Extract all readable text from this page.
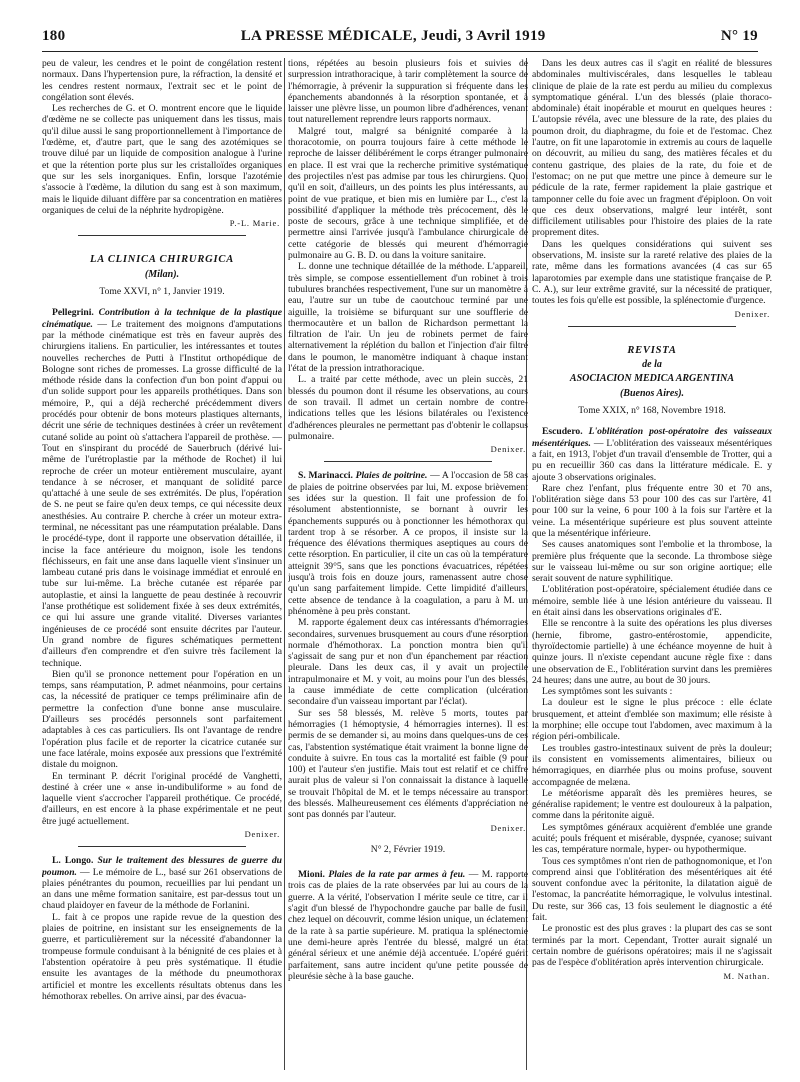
180	LA PRESSE MÉDICALE, Jeudi, 3 Avril 1919	N° 19

peu de valeur, les cendres et le point de congélation restent normaux. Dans l'hypertension pure, la réfraction, la densité et les cendres restent normaux, l'extrait sec et le point de congélation sont élevés.

Les recherches de G. et O. montrent encore que le liquide d'œdème ne se collecte pas uniquement dans les tissus, mais qu'il dilue aussi le sang proportionnellement à l'importance de l'œdème, et, d'autre part, que le sang des azotémiques se trouve dilué par un liquide de composition analogue à l'urine et que la rétention porte plus sur les cristalloïdes organiques que sur les sels inorganiques. Enfin, lorsque l'azotémie s'associe à l'œdème, la dilution du sang est à son maximum, mais le liquide diluant diffère par sa concentration en matières organiques de celui de la néphrite hydropigène.

P.-L. Marie.
LA CLINICA CHIRURGICA
(Milan).
Tome XXVI, n° 1, Janvier 1919.

Pellegrini. Contribution à la technique de la plastique cinématique. — Le traitement des moignons d'amputations par la méthode cinématique est très en faveur auprès des chirurgiens italiens. En particulier, les intéressantes et toutes nouvelles recherches de Putti à l'Institut orthopédique de Bologne sont riches de promesses. La grosse difficulté de la méthode réside dans la confection d'un bon point d'appui ou d'un solide support pour les appareils prothétiques. Dans son mémoire, P., qui a déjà recherché précédemment divers procédés pour obtenir de bons moteurs plastiques alternants, décrit une série de techniques destinées à créer un revêtement cutané solide au point où s'attachera l'appareil de prothèse. — Tout en s'inspirant du procédé de Sauerbruch (dérivé lui-même de l'urétroplastie par la méthode de Rochet) il lui reproche de créer un moteur entièrement musculaire, ayant tendance à se nécroser, et manquant de solidité parce qu'attaché à une seule de ses extrémités. De plus, l'opération de S. ne peut se faire qu'en deux temps, ce qui nécessite deux anesthésies. Au contraire P. cherche à créer un moteur extra-terminal, ne nécessitant pas une réamputation préalable. Dans le procédé-type, dont il rapporte une observation détaillée, il incise la face antérieure du moignon, isole les tendons fléchisseurs, en fait une anse dans laquelle vient s'insinuer un lambeau cutané pris dans le voisinage immédiat et enroulé en tube sur lui-même. La brèche cutanée est réparée par autoplastie, et ainsi la languette de peau destinée à recouvrir l'anse prothétique est solidement fixée à ses deux extrémités, ce qui lui assure une grande vitalité. Diverses variantes ingénieuses de ce procédé sont ensuite décrites par l'auteur. Un grand nombre de figures schématiques permettent d'ailleurs d'en comprendre et d'en suivre très facilement la technique.

Bien qu'il se prononce nettement pour l'opération en un temps, sans réamputation, P. admet néanmoins, pour certains cas, la nécessité de pratiquer ce temps préliminaire afin de permettre la confection d'une bonne anse musculaire. D'ailleurs ses procédés personnels sont parfaitement adaptables à ces cas particuliers. Ils ont l'avantage de rendre l'opération plus facile et de reporter la cicatrice cutanée sur une face latérale, moins exposée aux pressions que l'extrémité distale du moignon.

En terminant P. décrit l'original procédé de Vanghetti, destiné à créer une « anse in-undibuliforme » au fond de laquelle vient s'accrocher l'appareil prothétique. Ce procédé, d'ailleurs, en est encore à la phase expérimentale et ne peut être jugé actuellement.

Denixer.

L. Longo. Sur le traitement des blessures de guerre du poumon. — Le mémoire de L., basé sur 261 observations de plaies pénétrantes du poumon, recueillies par lui pendant un an dans une même formation sanitaire, est par-dessus tout un chaud plaidoyer en faveur de la méthode de Forlanini.

L. fait à ce propos une rapide revue de la question des plaies de poitrine, en insistant sur les enseignements de la guerre, et particulièrement sur la nécessité d'abandonner la trompeuse formule conduisant à la bénignité de ces plaies et à l'abstention opératoire à peu près systématique. Il étudie ensuite les avantages de la méthode du pneumothorax artificiel et montre les excellents résultats obtenus dans les hémothorax rebelles. On arrive ainsi, par des évacua-

tions, répétées au besoin plusieurs fois et suivies de surpression intrathoracique, à tarir complètement la source de l'hémorragie, à prévenir la suppuration si fréquente dans les épanchements abandonnés à la résorption spontanée, et à laisser une plèvre lisse, un poumon libre d'adhérences, venant tout naturellement reprendre leurs rapports normaux.

Malgré tout, malgré sa bénignité comparée à la thoracotomie, on pourra toujours faire à cette méthode le reproche de laisser délibérément le corps étranger pulmonaire en place. Il est vrai que la recherche primitive systématique des projectiles n'est pas admise par tous les chirurgiens. Quoi qu'il en soit, d'ailleurs, un des points les plus intéressants, au point de vue pratique, et bien mis en lumière par L., c'est la possibilité d'appliquer la méthode très précocement, dès le poste de secours, grâce à une technique simplifiée, et de permettre ainsi l'arrivée jusqu'à l'ambulance chirurgicale de cette catégorie de blessés qui meurent d'hémorragie pulmonaire au G. B. D. ou dans la voiture sanitaire.

L. donne une technique détaillée de la méthode. L'appareil, très simple, se compose essentiellement d'un robinet à trois tubulures branchées respectivement, l'une sur un manomètre à eau, l'autre sur un tube de caoutchouc terminé par une aiguille, la troisième se bifurquant sur une soufflerie de thermocautère et un ballon de Richardson permettant la filtration de l'air. Un jeu de robinets permet de faire alternativement la réplétion du ballon et l'injection d'air filtré dans le poumon, le manomètre indiquant à chaque instant l'état de la pression intrathoracique.

L. a traité par cette méthode, avec un plein succès, 21 blessés du poumon dont il résume les observations, au cours de son travail. Il admet un certain nombre de contre-indications telles que les lésions bilatérales ou l'existence d'adhérences pleurales ne permettant pas d'obtenir le collapsus pulmonaire.

Denixer.

S. Marinacci. Plaies de poitrine. — A l'occasion de 58 cas de plaies de poitrine observées par lui, M. expose brièvement ses idées sur la question. Il fait une profession de foi résolument abstentionniste, se bornant à ouvrir les épanchements suppurés ou à ponctionner les hémothorax qui tardent trop à se résorber. A ce propos, il insiste sur la fréquence des élévations thermiques aseptiques au cours de cette résorption. En particulier, il cite un cas où la température atteignit 39°5, sans que les ponctions évacuatrices, répétées jusqu'à trois fois en douze jours, ramenassent autre chose qu'un sang parfaitement limpide. Cette limpidité d'ailleurs, cette absence de tendance à la coagulation, a paru à M. un phénomène à peu près constant.

M. rapporte également deux cas intéressants d'hémorragies secondaires, survenues brusquement au cours d'une résorption normale d'hémothorax. La ponction montra bien qu'il s'agissait de sang pur et non d'un épanchement par réaction pleurale. Dans les deux cas, il y avait un projectile intrapulmonaire et M. y voit, au moins pour l'un des blessés, la cause immédiate de cette complication (ulcération secondaire d'un vaisseau important par l'éclat).

Sur ses 58 blessés, M. relève 5 morts, toutes par hémorragies (1 hémoptysie, 4 hémorragies internes). Il est permis de se demander si, au moins dans quelques-uns de ces cas, l'abstention systématique était vraiment la bonne ligne de conduite à suivre. En tous cas la mortalité est faible (9 pour 100) et l'auteur s'en justifie. Mais tout est relatif et ce chiffre aurait plus de valeur si l'on connaissait la distance à laquelle se trouvait l'hôpital de M. et le temps nécessaire au transport des blessés. Malheureusement ces éléments d'appréciation ne sont pas donnés par l'auteur.

Denixer.
N° 2, Février 1919.

Mioni. Plaies de la rate par armes à feu. — M. rapporte trois cas de plaies de la rate observées par lui au cours de la guerre. A la vérité, l'observation I mérite seule ce titre, car il s'agit d'un blessé de l'hypochondre gauche par balle de fusil, chez lequel on découvrit, comme lésion unique, un éclatement de la rate à sa partie supérieure. M. pratiqua la splénectomie une demi-heure après l'entrée du blessé, malgré un état général sérieux et une anémie déjà accentuée. L'opéré guérit parfaitement, sans autre incident qu'une petite poussée de pleurésie sèche à la base gauche.

Dans les deux autres cas il s'agit en réalité de blessures abdominales multiviscérales, dans lesquelles le tableau clinique de plaie de la rate est perdu au milieu du complexus symptomatique général. L'un des blessés (plaie thoraco-abdominale) était inopérable et mourut en quelques heures : L'autopsie révéla, avec une blessure de la rate, des plaies du poumon droit, du diaphragme, du foie et de l'estomac. Chez l'autre, on fit une laparotomie in extremis au cours de laquelle on découvrit, au milieu du sang, des matières fécales et du contenu gastrique, des plaies de la rate, du foie et de l'estomac; on ne put que mettre une pince à demeure sur le pédicule de la rate, fermer rapidement la plaie gastrique et tamponner celle du foie avec un fragment d'épiploon. On voit que ces deux observations, malgré leur intérêt, sont difficilement utilisables pour l'histoire des plaies de la rate proprement dites.

Dans les quelques considérations qui suivent ses observations, M. insiste sur la rareté relative des plaies de la rate, même dans les formations avancées (4 cas sur 65 laparotomies par exemple dans une statistique française de P. C. A.), sur leur extrême gravité, sur la nécessité de pratiquer, toutes les fois qu'elle est possible, la splénectomie d'urgence.

Denixer.
REVISTA
de la
ASOCIACION MEDICA ARGENTINA
(Buenos Aires).
Tome XXIX, n° 168, Novembre 1918.

Escudero. L'oblitération post-opératoire des vaisseaux mésentériques. — L'oblitération des vaisseaux mésentériques a fait, en 1913, l'objet d'un travail d'ensemble de Trotter, qui a pu en recueillir 360 cas dans la littérature médicale. E. y ajoute 3 observations originales.

Rare chez l'enfant, plus fréquente entre 30 et 70 ans, l'oblitération siège dans 53 pour 100 des cas sur l'artère, 41 pour 100 sur la veine, 6 pour 100 à la fois sur l'artère et la veine. La mésentérique supérieure est plus souvent atteinte que la mésentérique inférieure.

Ses causes anatomiques sont l'embolie et la thrombose, la première plus fréquente que la seconde. La thrombose siège sur le vaisseau lui-même ou sur son origine aortique; elle serait souvent de nature syphilitique.

L'oblitération post-opératoire, spécialement étudiée dans ce mémoire, semble liée à une lésion antérieure du vaisseau. Il en était ainsi dans les observations originales d'E.

Elle se rencontre à la suite des opérations les plus diverses (hernie, fibrome, gastro-entérostomie, appendicite, thyroïdectomie partielle) à une échéance moyenne de huit à quinze jours. Il n'existe cependant aucune règle fixe : dans une observation de E., l'oblitération survint dans les premières 24 heures; dans une autre, au bout de 30 jours.

Les symptômes sont les suivants :

La douleur est le signe le plus précoce : elle éclate brusquement, et atteint d'emblée son maximum; elle résiste à la morphine; elle occupe tout l'abdomen, avec maximum à la région péri-ombilicale.

Les troubles gastro-intestinaux suivent de près la douleur; ils consistent en vomissements alimentaires, bilieux ou hémorragiques, en diarrhée plus ou moins profuse, souvent accompagnée de melæna.

Le météorisme apparaît dès les premières heures, se généralise rapidement; le ventre est douloureux à la palpation, comme dans la péritonite aiguë.

Les symptômes généraux acquièrent d'emblée une grande acuité; pouls fréquent et misérable, dyspnée, cyanose; suivant les cas, température normale, hyper- ou hypothermique.

Tous ces symptômes n'ont rien de pathognomonique, et l'on comprend ainsi que l'oblitération des mésentériques ait été souvent confondue avec la péritonite, la dilatation aiguë de l'estomac, la pancréatite hémorragique, le volvulus intestinal. Du reste, sur 366 cas, 13 fois seulement le diagnostic a été fait.

Le pronostic est des plus graves : la plupart des cas se sont terminés par la mort. Cependant, Trotter aurait signalé un certain nombre de guérisons opératoires; mais il ne s'agissait pas de l'espèce d'oblitération après intervention chirurgicale.

M. Nathan.
